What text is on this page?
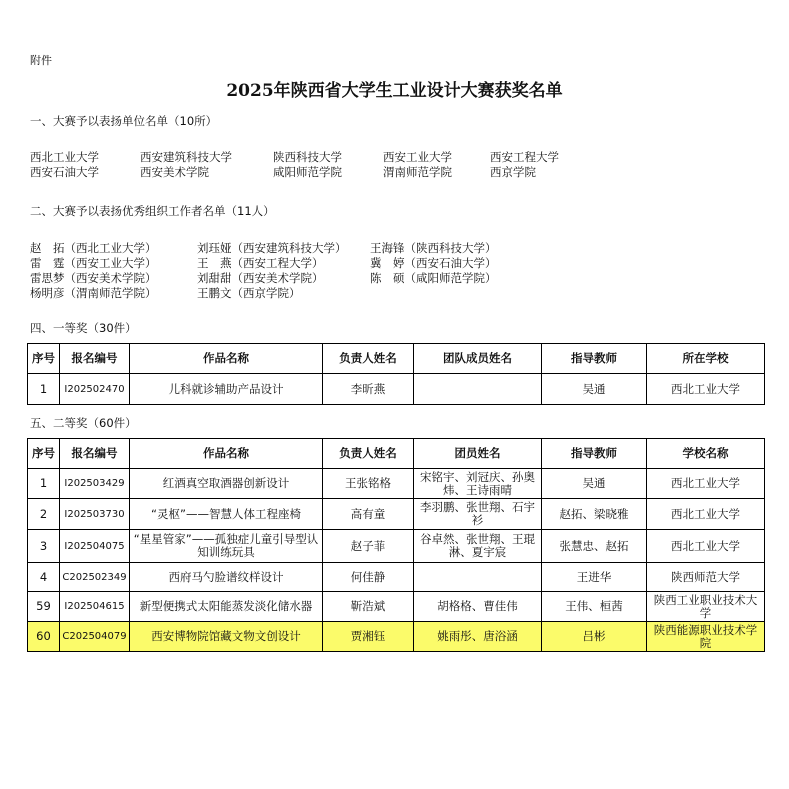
附件
2025年陕西省大学生工业设计大赛获奖名单
一、大赛予以表扬单位名单（10所）
西北工业大学	西安建筑科技大学	陕西科技大学	西安工业大学	西安工程大学
西安石油大学	西安美术学院	咸阳师范学院	渭南师范学院	西京学院
二、大赛予以表扬优秀组织工作者名单（11人）
赵　拓（西北工业大学）	刘珏娅（西安建筑科技大学） 王海锋（陕西科技大学）
雷　霆（西安工业大学）	王　燕（西安工程大学）	冀　婷（西安石油大学）
雷思梦（西安美术学院）	刘甜甜（西安美术学院）	陈　硕（咸阳师范学院）
杨明彦（渭南师范学院）	王鹏文（西京学院）
四、一等奖（30件）
序号	报名编号	作品名称	负责人姓名	团队成员姓名	指导教师	所在学校
1	I202502470	儿科就诊辅助产品设计	李昕燕		吴通	西北工业大学
五、二等奖（60件）
序号	报名编号	作品名称	负责人姓名	团员姓名	指导教师	学校名称
1	I202503429	红酒真空取酒器创新设计	王张铭格	宋铭宇、刘冠庆、孙奥炜、王诗雨晴	吴通	西北工业大学
2	I202503730	“灵枢”——智慧人体工程座椅	高有童	李羽鹏、张世翔、石宇衫	赵拓、梁晓雅	西北工业大学
3	I202504075	“星星管家”——孤独症儿童引导型认知训练玩具	赵子菲	谷卓然、张世翔、王琨淋、夏宇宸	张慧忠、赵拓	西北工业大学
4	C202502349	西府马勺脸谱纹样设计	何佳静		王进华	陕西师范大学
59	I202504615	新型便携式太阳能蒸发淡化储水器	靳浩斌	胡格格、曹佳伟	王伟、桓茜	陕西工业职业技术大学
60	C202504079	西安博物院馆藏文物文创设计	贾湘钰	姚雨彤、唐浴涵	吕彬	陕西能源职业技术学院
